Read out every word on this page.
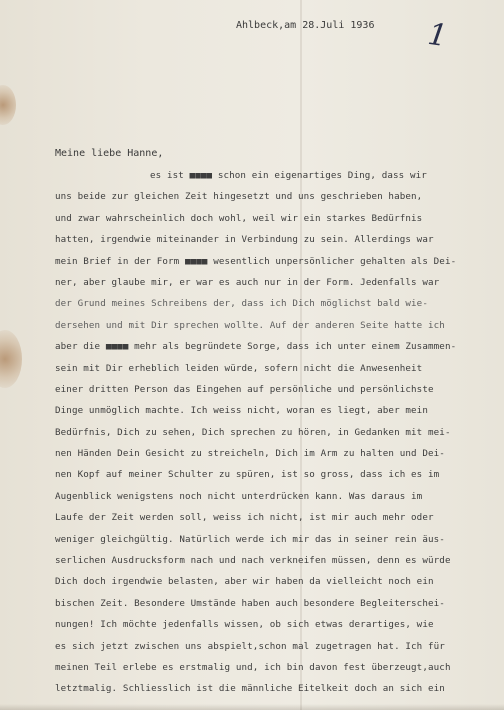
1
Ahlbeck,am 28.Juli 1936
Meine liebe Hanne,
es ist ■■■■ schon ein eigenartiges Ding, dass wir
uns beide zur gleichen Zeit hingesetzt und uns geschrieben haben,
und zwar wahrscheinlich doch wohl, weil wir ein starkes Bedürfnis
hatten, irgendwie miteinander in Verbindung zu sein. Allerdings war
mein Brief in der Form ■■■■ wesentlich unpersönlicher gehalten als Dei-
ner, aber glaube mir, er war es auch nur in der Form. Jedenfalls war
der Grund meines Schreibens der, dass ich Dich möglichst bald wie-
dersehen und mit Dir sprechen wollte. Auf der anderen Seite hatte ich
aber die ■■■■ mehr als begründete Sorge, dass ich unter einem Zusammen-
sein mit Dir erheblich leiden würde, sofern nicht die Anwesenheit
einer dritten Person das Eingehen auf persönliche und persönlichste
Dinge unmöglich machte. Ich weiss nicht, woran es liegt, aber mein
Bedürfnis, Dich zu sehen, Dich sprechen zu hören, in Gedanken mit mei-
nen Händen Dein Gesicht zu streicheln, Dich im Arm zu halten und Dei-
nen Kopf auf meiner Schulter zu spüren, ist so gross, dass ich es im
Augenblick wenigstens noch nicht unterdrücken kann. Was daraus im
Laufe der Zeit werden soll, weiss ich nicht, ist mir auch mehr oder
weniger gleichgültig. Natürlich werde ich mir das in seiner rein äus-
serlichen Ausdrucksform nach und nach verkneifen müssen, denn es würde
Dich doch irgendwie belasten, aber wir haben da vielleicht noch ein
bischen Zeit. Besondere Umstände haben auch besondere Begleiterschei-
nungen! Ich möchte jedenfalls wissen, ob sich etwas derartiges, wie
es sich jetzt zwischen uns abspielt,schon mal zugetragen hat. Ich für
meinen Teil erlebe es erstmalig und, ich bin davon fest überzeugt,auch
letztmalig. Schliesslich ist die männliche Eitelkeit doch an sich ein
